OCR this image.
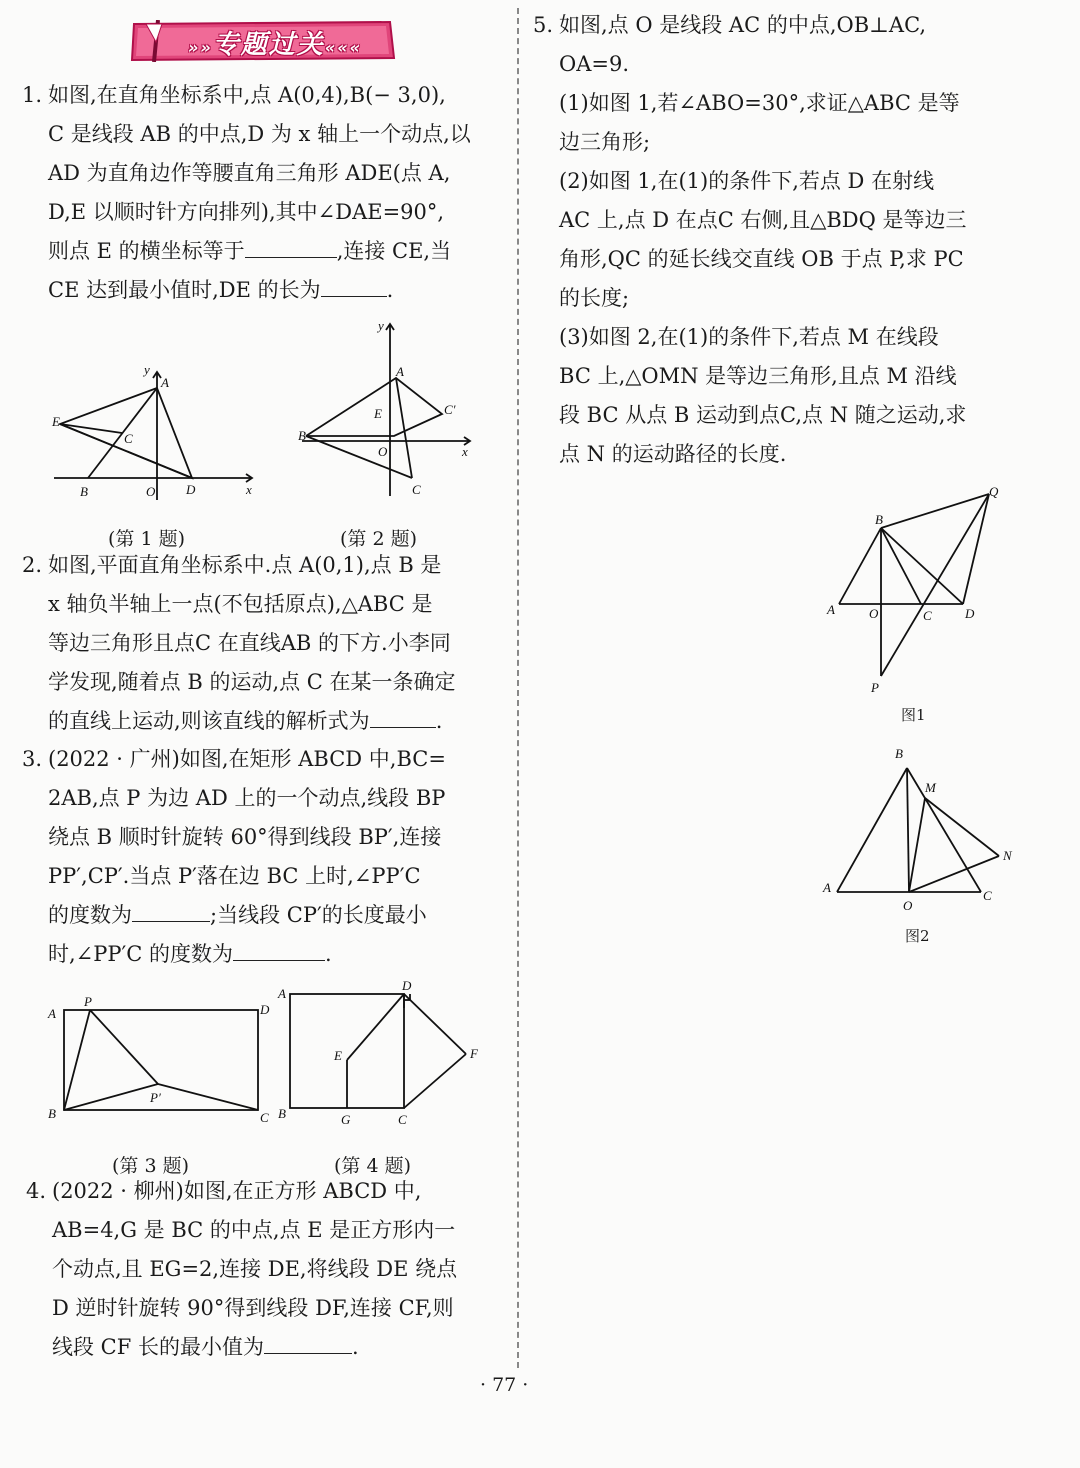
»»专题过关«««
1. 如图,在直角坐标系中,点 A(0,4),B(− 3,0),
C 是线段 AB 的中点,D 为 x 轴上一个动点,以
AD 为直角边作等腰直角三角形 ADE(点 A,
D,E 以顺时针方向排列),其中∠DAE=90°,
则点 E 的横坐标等于	,连接 CE,当
CE 达到最小值时,DE 的长为	.
y
A
E
C
B	O D	x
y
A
C′
E
B
O	x
C
(第 1 题)	(第 2 题)
2. 如图,平面直角坐标系中.点 A(0,1),点 B 是
x 轴负半轴上一点(不包括原点),△ABC 是
等边三角形且点C 在直线AB 的下方.小李同
学发现,随着点 B 的运动,点 C 在某一条确定
的直线上运动,则该直线的解析式为	.
3. (2022 · 广州)如图,在矩形 ABCD 中,BC=
2AB,点 P 为边 AD 上的一个动点,线段 BP
绕点 B 顺时针旋转 60°得到线段 BP′,连接
PP′,CP′.当点 P′落在边 BC 上时,∠PP′C
的度数为	;当线段 CP′的长度最小
时,∠PP′C 的度数为	.
A
P
D
B
P′
C
A
D
E	F
B	G	C
(第 3 题)	(第 4 题)
4. (2022 · 柳州)如图,在正方形 ABCD 中,
AB=4,G 是 BC 的中点,点 E 是正方形内一
个动点,且 EG=2,连接 DE,将线段 DE 绕点
D 逆时针旋转 90°得到线段 DF,连接 CF,则
线段 CF 长的最小值为	.
5. 如图,点 O 是线段 AC 的中点,OB⊥AC,
OA=9.
(1)如图 1,若∠ABO=30°,求证△ABC 是等
边三角形;
(2)如图 1,在(1)的条件下,若点 D 在射线
AC 上,点 D 在点C 右侧,且△BDQ 是等边三
角形,QC 的延长线交直线 OB 于点 P,求 PC
的长度;
(3)如图 2,在(1)的条件下,若点 M 在线段
BC 上,△OMN 是等边三角形,且点 M 沿线
段 BC 从点 B 运动到点C,点 N 随之运动,求
点 N 的运动路径的长度.
B
Q
A	O	C	D
P
图1
B
M
N
A
O
C
图2
· 77 ·
